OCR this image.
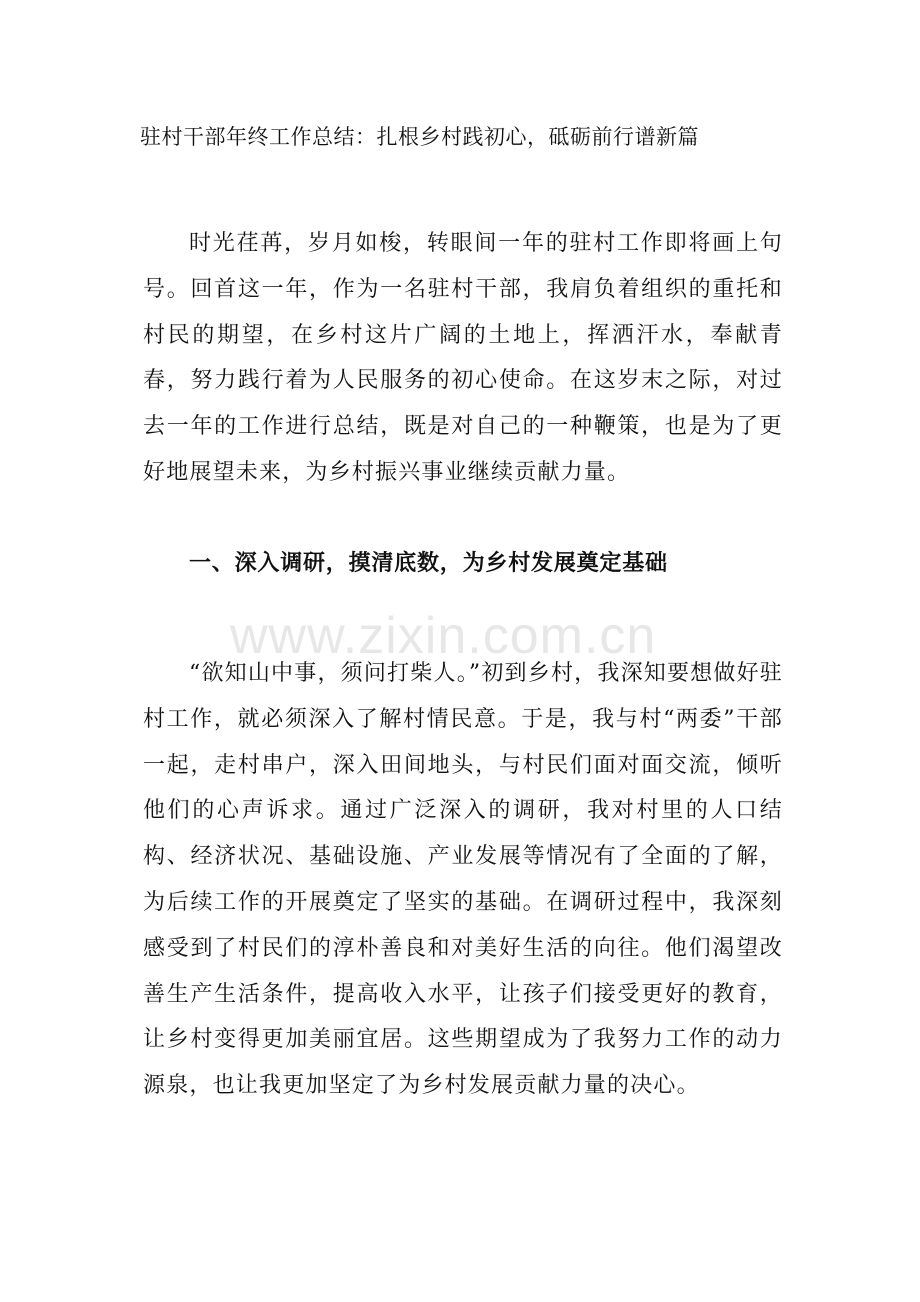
驻村干部年终工作总结：扎根乡村践初心，砥砺前行谱新篇

时光荏苒，岁月如梭，转眼间一年的驻村工作即将画上句号。回首这一年，作为一名驻村干部，我肩负着组织的重托和村民的期望，在乡村这片广阔的土地上，挥洒汗水，奉献青春，努力践行着为人民服务的初心使命。在这岁末之际，对过去一年的工作进行总结，既是对自己的一种鞭策，也是为了更好地展望未来，为乡村振兴事业继续贡献力量。

一、深入调研，摸清底数，为乡村发展奠定基础
www.zixin.com.cn

“欲知山中事，须问打柴人。”初到乡村，我深知要想做好驻村工作，就必须深入了解村情民意。于是，我与村“两委”干部一起，走村串户，深入田间地头，与村民们面对面交流，倾听他们的心声诉求。通过广泛深入的调研，我对村里的人口结构、经济状况、基础设施、产业发展等情况有了全面的了解，为后续工作的开展奠定了坚实的基础。在调研过程中，我深刻感受到了村民们的淳朴善良和对美好生活的向往。他们渴望改善生产生活条件，提高收入水平，让孩子们接受更好的教育，让乡村变得更加美丽宜居。这些期望成为了我努力工作的动力源泉，也让我更加坚定了为乡村发展贡献力量的决心。
